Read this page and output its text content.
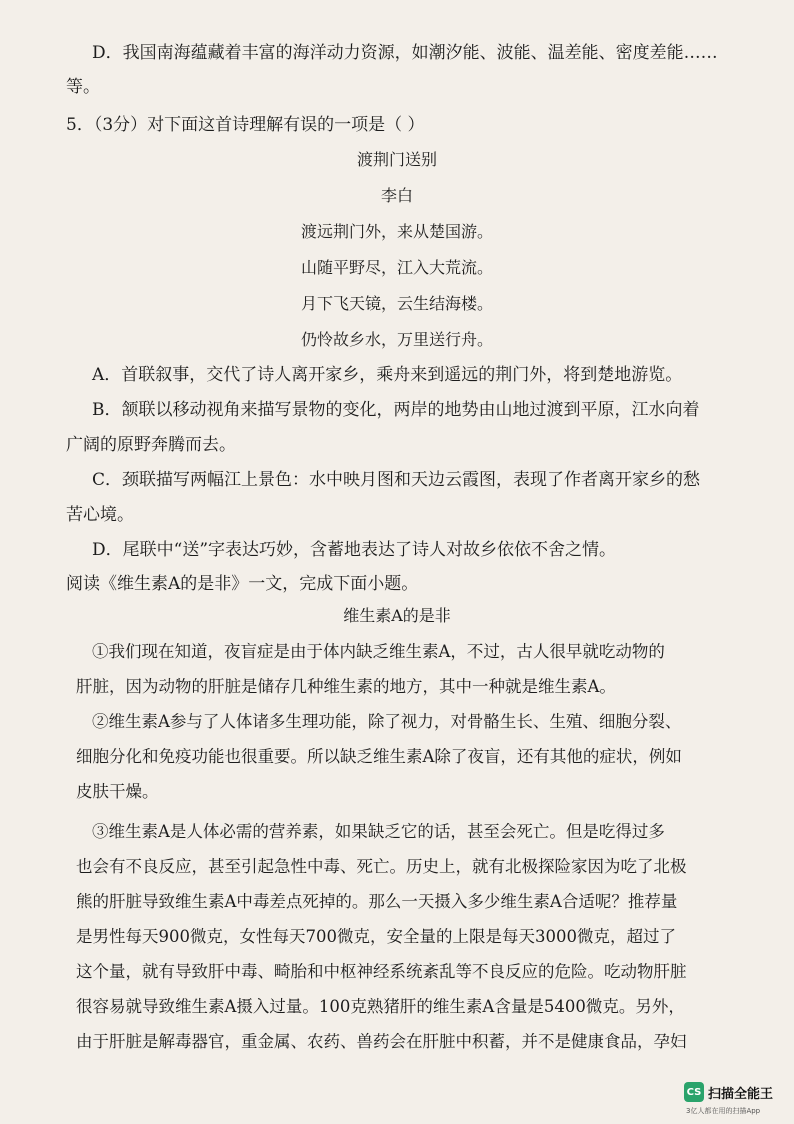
D．我国南海蕴藏着丰富的海洋动力资源，如潮汐能、波能、温差能、密度差能……
等。
5．（3分）对下面这首诗理解有误的一项是（ ）
渡荆门送别
李白
渡远荆门外，来从楚国游。
山随平野尽，江入大荒流。
月下飞天镜，云生结海楼。
仍怜故乡水，万里送行舟。
A．首联叙事，交代了诗人离开家乡，乘舟来到遥远的荆门外，将到楚地游览。
B．颔联以移动视角来描写景物的变化，两岸的地势由山地过渡到平原，江水向着
广阔的原野奔腾而去。
C．颈联描写两幅江上景色：水中映月图和天边云霞图，表现了作者离开家乡的愁
苦心境。
D．尾联中“送”字表达巧妙，含蓄地表达了诗人对故乡依依不舍之情。
阅读《维生素A的是非》一文，完成下面小题。
维生素A的是非
①我们现在知道，夜盲症是由于体内缺乏维生素A，不过，古人很早就吃动物的
肝脏，因为动物的肝脏是储存几种维生素的地方，其中一种就是维生素A。
②维生素A参与了人体诸多生理功能，除了视力，对骨骼生长、生殖、细胞分裂、
细胞分化和免疫功能也很重要。所以缺乏维生素A除了夜盲，还有其他的症状，例如
皮肤干燥。
③维生素A是人体必需的营养素，如果缺乏它的话，甚至会死亡。但是吃得过多
也会有不良反应，甚至引起急性中毒、死亡。历史上，就有北极探险家因为吃了北极
熊的肝脏导致维生素A中毒差点死掉的。那么一天摄入多少维生素A合适呢？推荐量
是男性每天900微克，女性每天700微克，安全量的上限是每天3000微克，超过了
这个量，就有导致肝中毒、畸胎和中枢神经系统紊乱等不良反应的危险。吃动物肝脏
很容易就导致维生素A摄入过量。100克熟猪肝的维生素A含量是5400微克。另外，
由于肝脏是解毒器官，重金属、农药、兽药会在肝脏中积蓄，并不是健康食品，孕妇
CS 扫描全能王
3亿人都在用的扫描App
